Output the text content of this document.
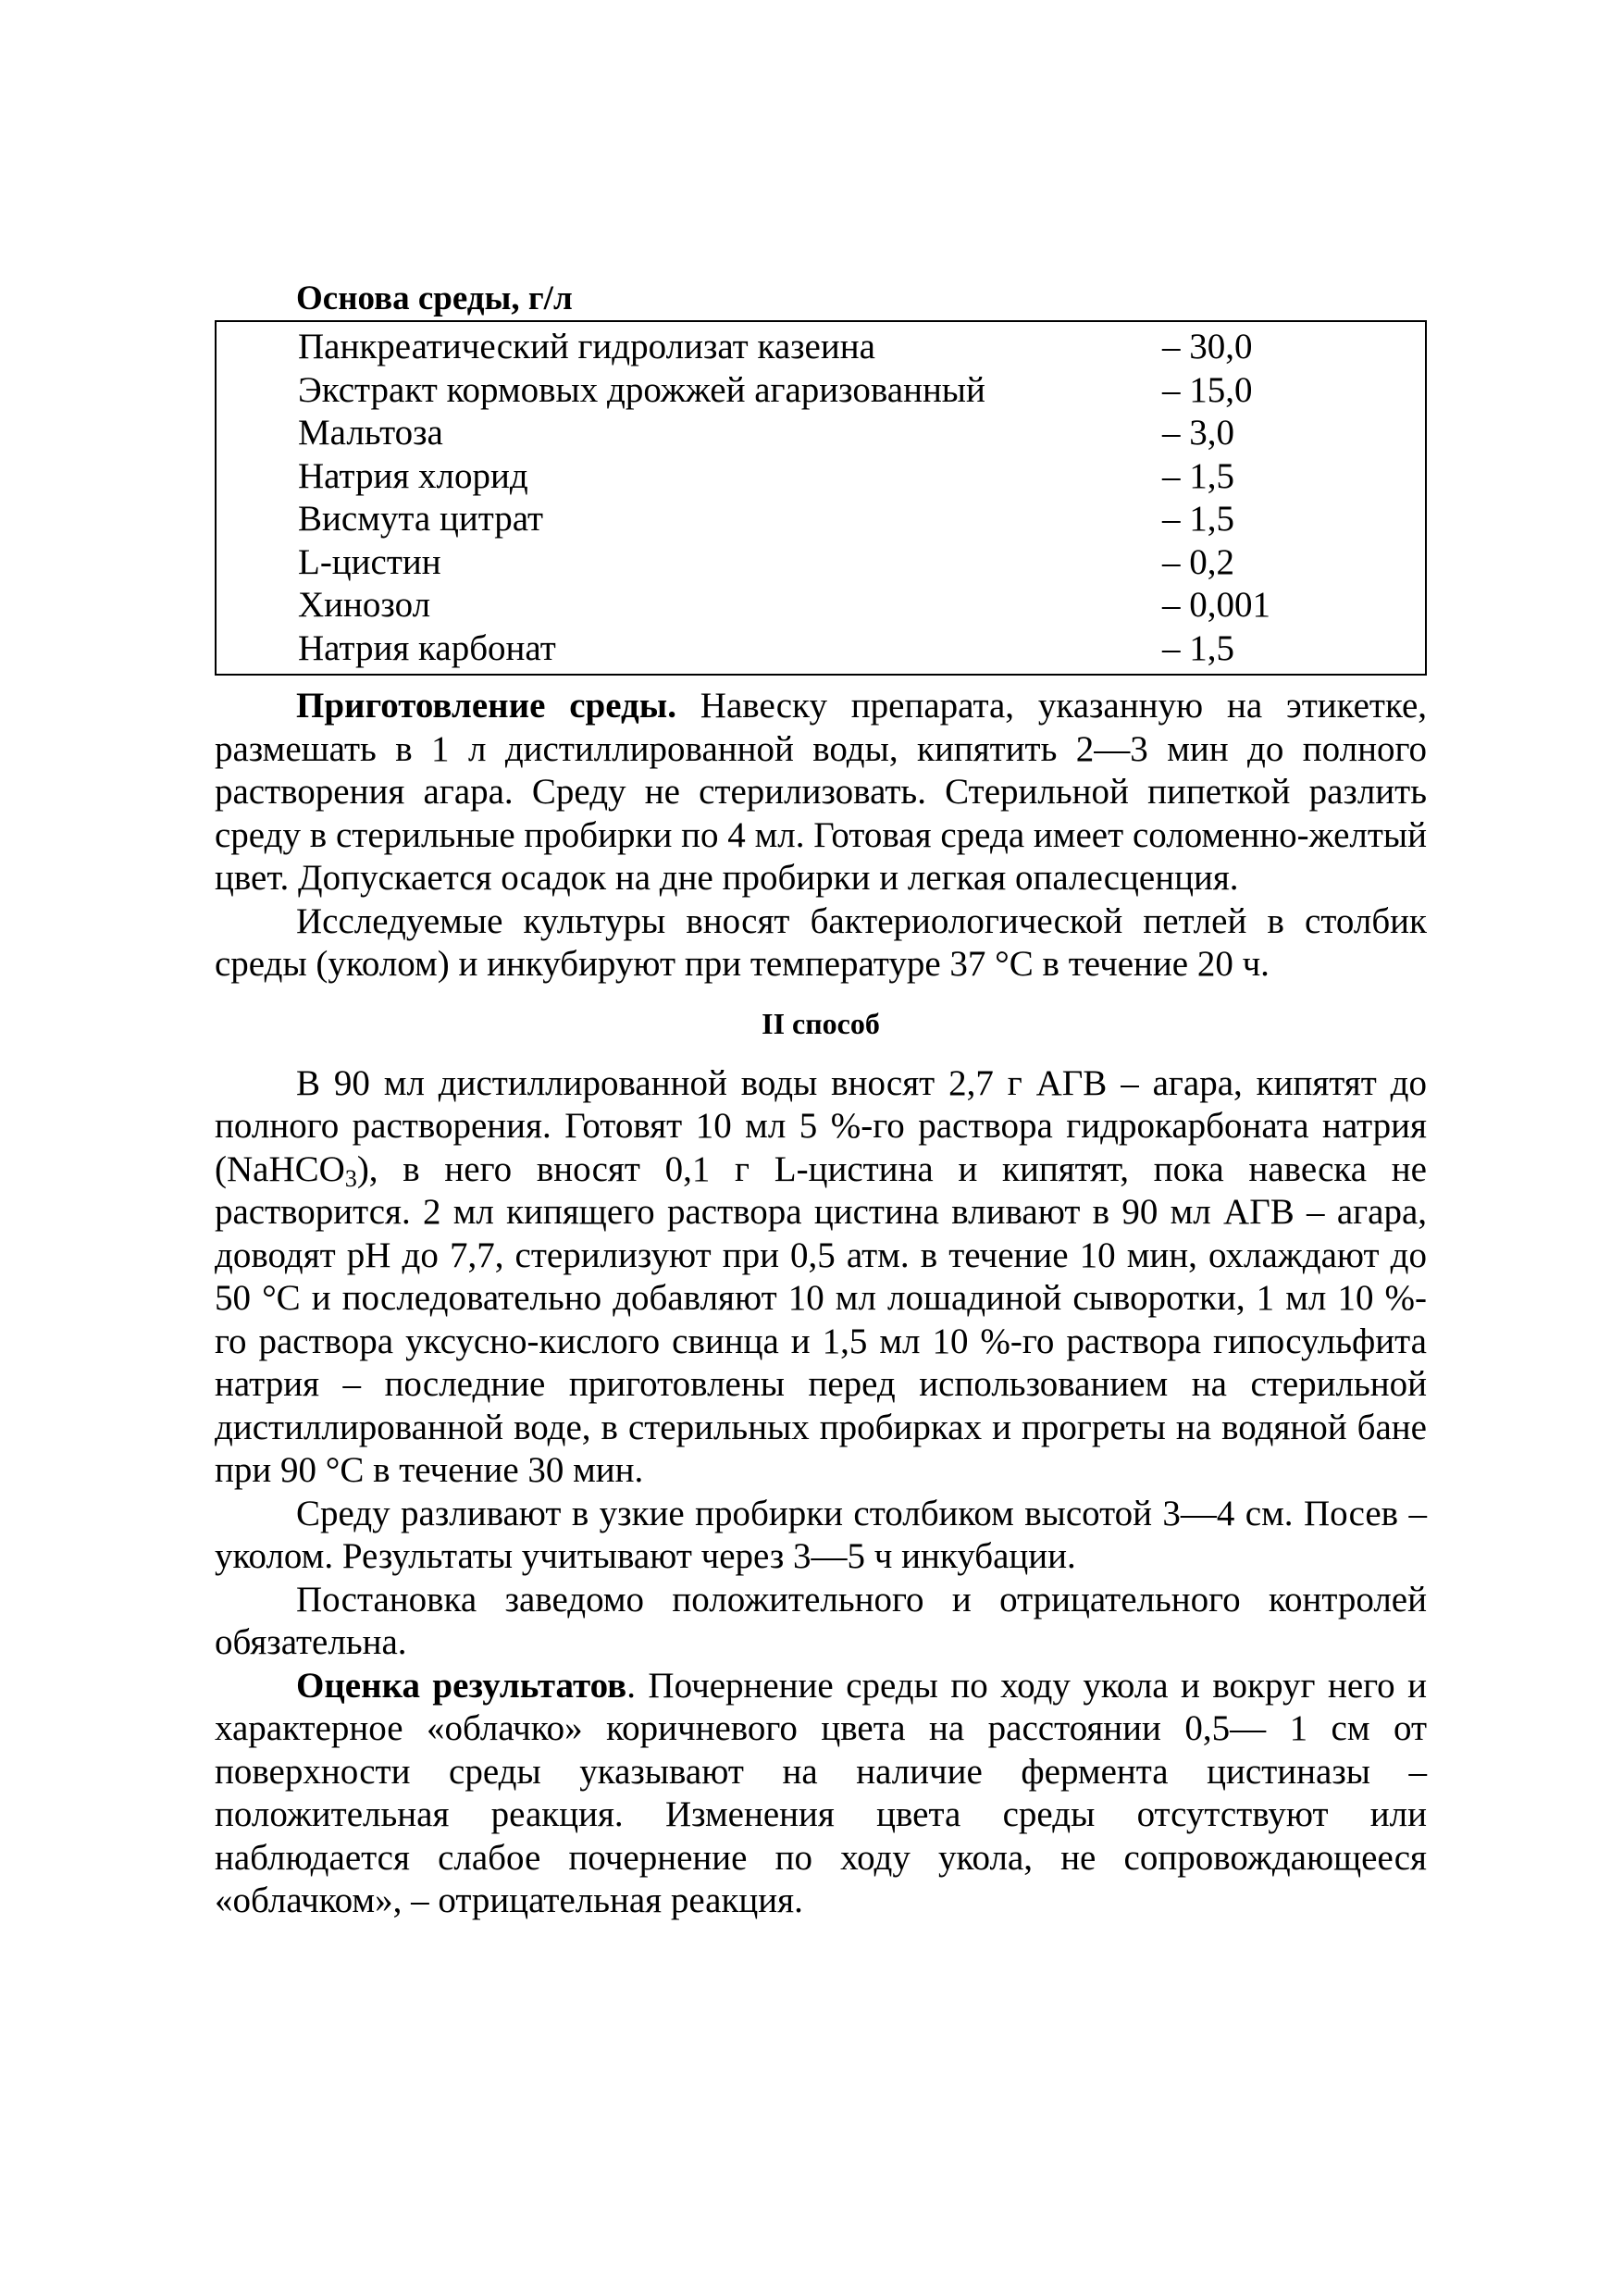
Основа среды, г/л

Панкреатический гидролизат казеина	– 30,0
Экстракт кормовых дрожжей агаризованный	– 15,0
Мальтоза	– 3,0
Натрия хлорид	– 1,5
Висмута цитрат	– 1,5
L-цистин	– 0,2
Хинозол	– 0,001
Натрия карбонат	– 1,5

Приготовление среды. Навеску препарата, указанную на этикетке, размешать в 1 л дистиллированной воды, кипятить 2—3 мин до полного растворения агара. Среду не стерилизовать. Стерильной пипеткой разлить среду в стерильные пробирки по 4 мл. Готовая среда имеет соломенно-желтый цвет. Допускается осадок на дне пробирки и легкая опалесценция.

Исследуемые культуры вносят бактериологической петлей в столбик среды (уколом) и инкубируют при температуре 37 °С в течение 20 ч.

II способ

В 90 мл дистиллированной воды вносят 2,7 г АГВ – агара, кипятят до полного растворения. Готовят 10 мл 5 %-го раствора гидрокарбоната натрия (NaHCO$_3$), в него вносят 0,1 г L-цистина и кипятят, пока навеска не растворится. 2 мл кипящего раствора цистина вливают в 90 мл АГВ – агара, доводят pH до 7,7, стерилизуют при 0,5 атм. в течение 10 мин, охлаждают до 50 °С и последовательно добавляют 10 мл лошадиной сыворотки, 1 мл 10 %-го раствора уксусно-кислого свинца и 1,5 мл 10 %-го раствора гипосульфита натрия – последние приготовлены перед использованием на стерильной дистиллированной воде, в стерильных пробирках и прогреты на водяной бане при 90 °С в течение 30 мин.

Среду разливают в узкие пробирки столбиком высотой 3—4 см. Посев – уколом. Результаты учитывают через 3—5 ч инкубации.

Постановка заведомо положительного и отрицательного контролей обязательна.

Оценка результатов. Почернение среды по ходу укола и вокруг него и характерное «облачко» коричневого цвета на расстоянии 0,5— 1 см от поверхности среды указывают на наличие фермента цистиназы – положительная реакция. Изменения цвета среды отсутствуют или наблюдается слабое почернение по ходу укола, не сопровождающееся «облачком», – отрицательная реакция.
